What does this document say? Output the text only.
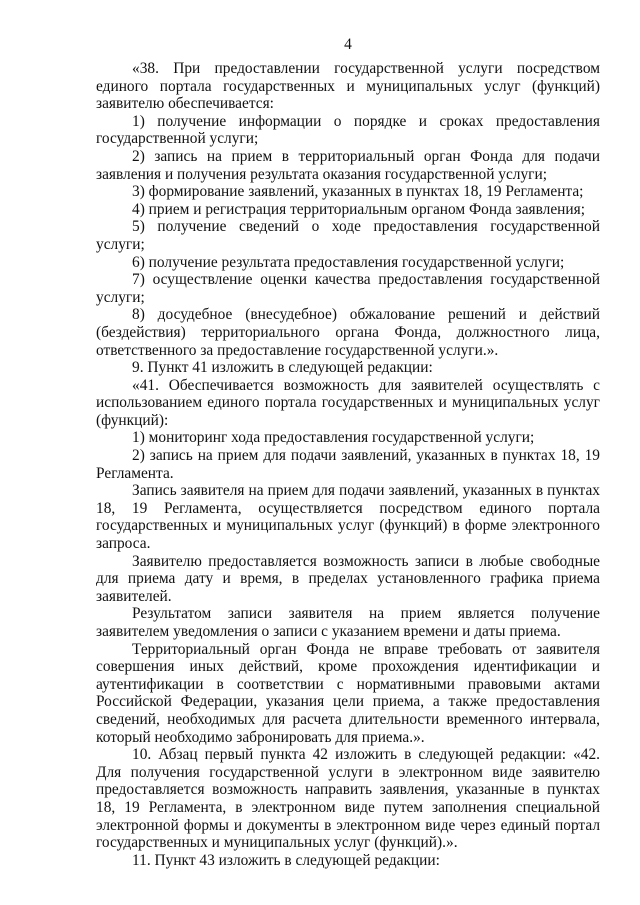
4

«38. При предоставлении государственной услуги посредством единого портала государственных и муниципальных услуг (функций) заявителю обеспечивается:

1) получение информации о порядке и сроках предоставления государственной услуги;

2) запись на прием в территориальный орган Фонда для подачи заявления и получения результата оказания государственной услуги;

3) формирование заявлений, указанных в пунктах 18, 19 Регламента;

4) прием и регистрация территориальным органом Фонда заявления;

5) получение сведений о ходе предоставления государственной услуги;

6) получение результата предоставления государственной услуги;

7) осуществление оценки качества предоставления государственной услуги;

8) досудебное (внесудебное) обжалование решений и действий (бездействия) территориального органа Фонда, должностного лица, ответственного за предоставление государственной услуги.».

9. Пункт 41 изложить в следующей редакции:

«41. Обеспечивается возможность для заявителей осуществлять с использованием единого портала государственных и муниципальных услуг (функций):

1) мониторинг хода предоставления государственной услуги;

2) запись на прием для подачи заявлений, указанных в пунктах 18, 19 Регламента.

Запись заявителя на прием для подачи заявлений, указанных в пунктах 18, 19 Регламента, осуществляется посредством единого портала государственных и муниципальных услуг (функций) в форме электронного запроса.

Заявителю предоставляется возможность записи в любые свободные для приема дату и время, в пределах установленного графика приема заявителей.

Результатом записи заявителя на прием является получение заявителем уведомления о записи с указанием времени и даты приема.

Территориальный орган Фонда не вправе требовать от заявителя совершения иных действий, кроме прохождения идентификации и аутентификации в соответствии с нормативными правовыми актами Российской Федерации, указания цели приема, а также предоставления сведений, необходимых для расчета длительности временного интервала, который необходимо забронировать для приема.».

10. Абзац первый пункта 42 изложить в следующей редакции: «42. Для получения государственной услуги в электронном виде заявителю предоставляется возможность направить заявления, указанные в пунктах 18, 19 Регламента, в электронном виде путем заполнения специальной электронной формы и документы в электронном виде через единый портал государственных и муниципальных услуг (функций).».

11. Пункт 43 изложить в следующей редакции:
